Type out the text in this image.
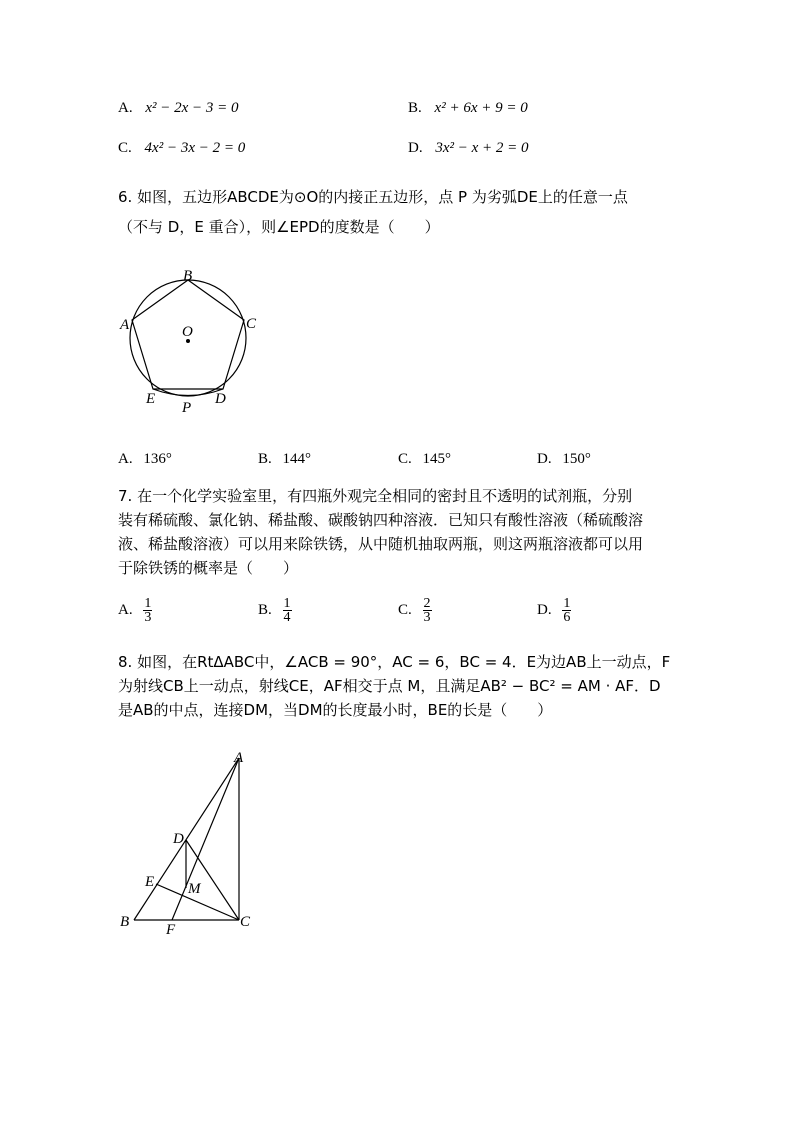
A. x² − 2x − 3 = 0	B. x² + 6x + 9 = 0
C. 4x² − 3x − 2 = 0	D. 3x² − x + 2 = 0
6. 如图，五边形ABCDE为⊙O的内接正五边形，点 P 为劣弧DE上的任意一点
（不与 D，E 重合），则∠EPD的度数是（　　）
B
A	C
O
E	D
P
A. 136°	B. 144°	C. 145°	D. 150°
7. 在一个化学实验室里，有四瓶外观完全相同的密封且不透明的试剂瓶，分别
装有稀硫酸、氯化钠、稀盐酸、碳酸钠四种溶液．已知只有酸性溶液（稀硫酸溶
液、稀盐酸溶液）可以用来除铁锈，从中随机抽取两瓶，则这两瓶溶液都可以用
于除铁锈的概率是（　　）
A. $\frac{1}{3}$	B. $\frac{1}{4}$	C. $\frac{2}{3}$	D. $\frac{1}{6}$
8. 如图，在RtΔABC中，∠ACB = 90°，AC = 6，BC = 4．E为边AB上一动点，F
为射线CB上一动点，射线CE，AF相交于点 M，且满足AB² − BC² = AM · AF．D
是AB的中点，连接DM，当DM的长度最小时，BE的长是（　　）
A
D
E M
B	C
F
